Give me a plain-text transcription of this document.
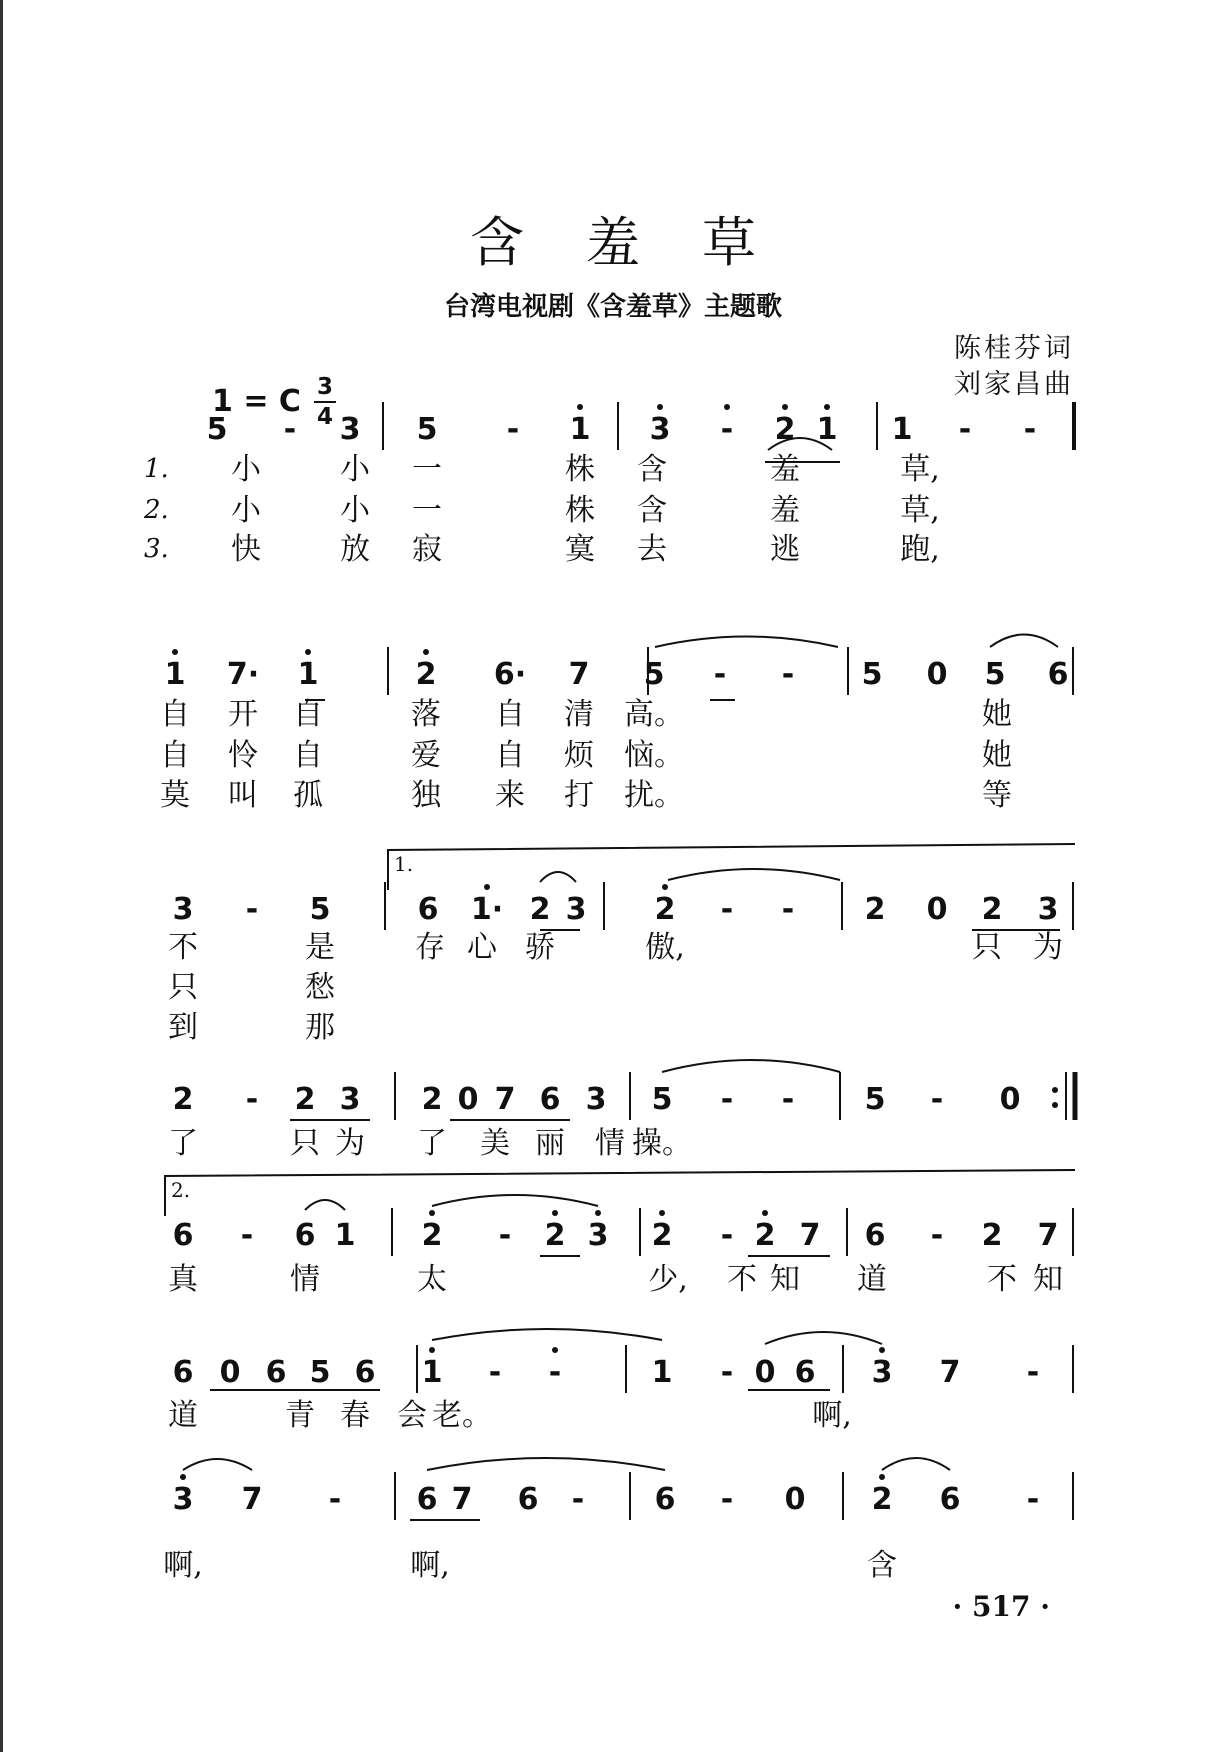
含羞草
台湾电视剧《含羞草》主题歌
陈桂芬词
刘家昌曲
1 = C 3
4
5 - 3 5 - 1 3 - 2 1 1 - -
1. 小	小 一	株 含	羞	草,
2. 小	小 一	株 含	羞	草,
3. 快	放 寂	寞 去	逃	跑,
1 7· 1	2 6· 7 5 - - 5 0 5 6
自 开 自	落 自 清 高。	她
自 怜 自	爱 自 烦 恼。	她
莫 叫 孤	独 来 打 扰。	等
3 - 5	6 1· 2 3 2 - - 2 0 2 3
不	是	存 心 骄	傲,	只 为
只	愁
到	那
1.
2 - 2 3 2 0 7 6 3 5 - - 5 - 0
了	只 为 了 美 丽 情 操。
6 - 6 1 2 - 2 3 2 - 2 7 6 - 2 7
真	情	太	少, 不 知 道	不 知
2.
6 0 6 5 6 1 - -	1 - 0 6 3 7 -
道	青 春 会 老。	啊,
3 7 -	6 7 6 - 6 - 0 2 6 -
啊,	啊,	含
· 517 ·
